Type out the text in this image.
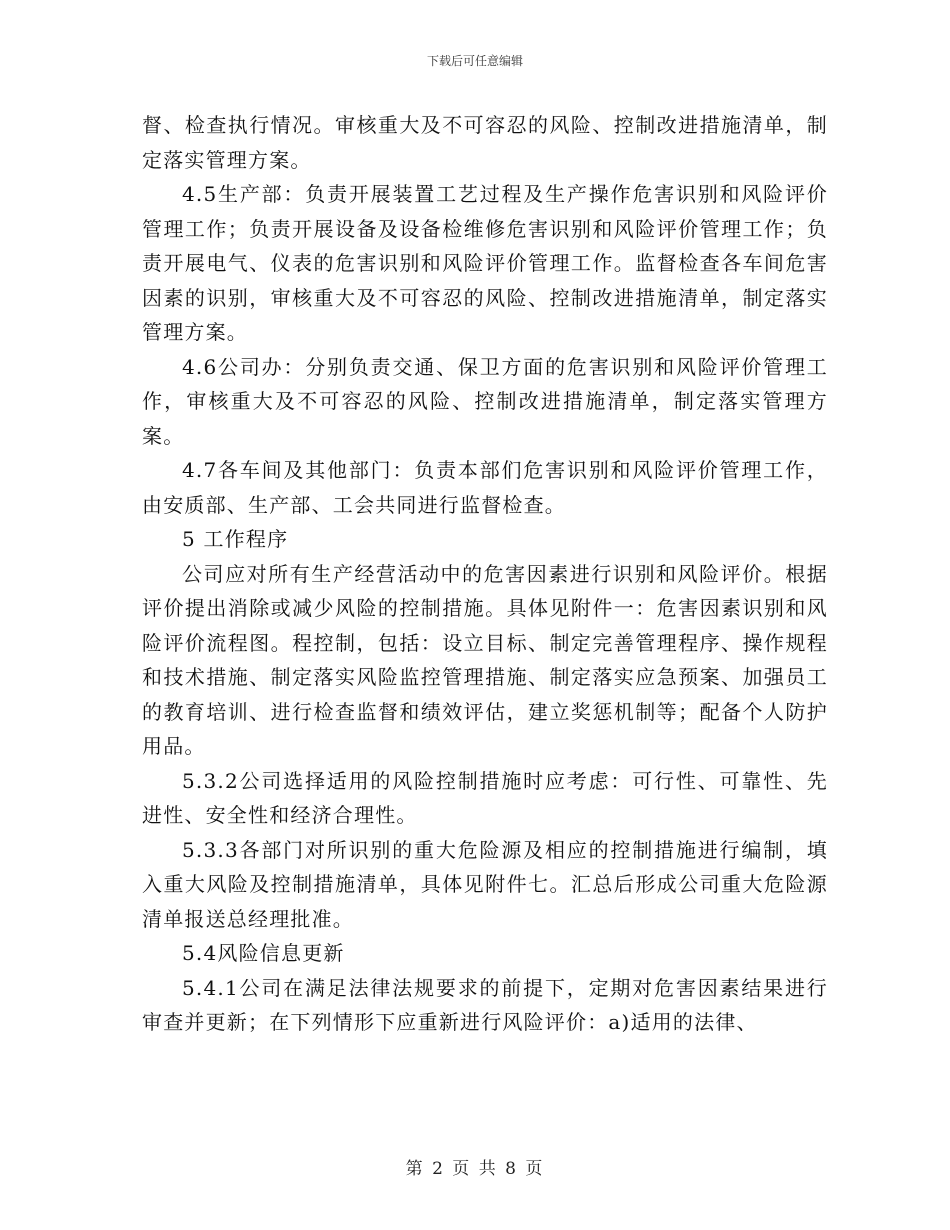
下载后可任意编辑

督、检查执行情况。审核重大及不可容忍的风险、控制改进措施清单，制定落实管理方案。

4.5生产部：负责开展装置工艺过程及生产操作危害识别和风险评价管理工作；负责开展设备及设备检维修危害识别和风险评价管理工作；负责开展电气、仪表的危害识别和风险评价管理工作。监督检查各车间危害因素的识别，审核重大及不可容忍的风险、控制改进措施清单，制定落实管理方案。

4.6公司办：分别负责交通、保卫方面的危害识别和风险评价管理工作，审核重大及不可容忍的风险、控制改进措施清单，制定落实管理方案。

4.7各车间及其他部门：负责本部们危害识别和风险评价管理工作，由安质部、生产部、工会共同进行监督检查。

5 工作程序

公司应对所有生产经营活动中的危害因素进行识别和风险评价。根据评价提出消除或减少风险的控制措施。具体见附件一：危害因素识别和风险评价流程图。程控制，包括：设立目标、制定完善管理程序、操作规程和技术措施、制定落实风险监控管理措施、制定落实应急预案、加强员工的教育培训、进行检查监督和绩效评估，建立奖惩机制等；配备个人防护用品。

5.3.2公司选择适用的风险控制措施时应考虑：可行性、可靠性、先进性、安全性和经济合理性。

5.3.3各部门对所识别的重大危险源及相应的控制措施进行编制，填入重大风险及控制措施清单，具体见附件七。汇总后形成公司重大危险源清单报送总经理批准。

5.4风险信息更新

5.4.1公司在满足法律法规要求的前提下，定期对危害因素结果进行审查并更新；在下列情形下应重新进行风险评价：a)适用的法律、

第 2 页 共 8 页
